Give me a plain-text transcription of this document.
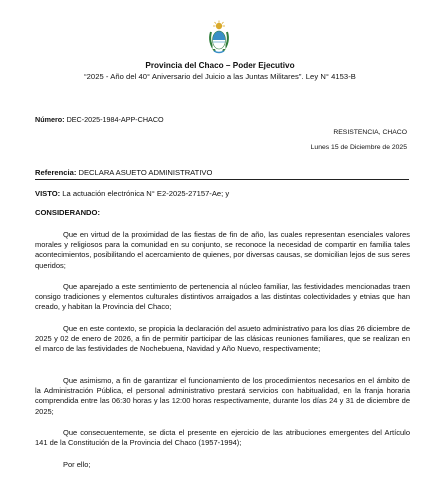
Provincia del Chaco – Poder Ejecutivo
“2025 - Año del 40° Aniversario del Juicio a las Juntas Militares”. Ley N° 4153-B
Número: DEC-2025-1984-APP-CHACO
RESISTENCIA, CHACO
Lunes 15 de Diciembre de 2025
Referencia: DECLARA ASUETO ADMINISTRATIVO
VISTO: La actuación electrónica N° E2-2025-27157-Ae; y
CONSIDERANDO:
Que en virtud de la proximidad de las fiestas de fin de año, las cuales representan esenciales valores morales y religiosos para la comunidad en su conjunto, se reconoce la necesidad de compartir en familia tales acontecimientos, posibilitando el acercamiento de quienes, por diversas causas, se domicilian lejos de sus seres queridos;
Que aparejado a este sentimiento de pertenencia al núcleo familiar, las festividades mencionadas traen consigo tradiciones y elementos culturales distintivos arraigados a las distintas colectividades y etnias que han creado, y habitan la Provincia del Chaco;
Que en este contexto, se propicia la declaración del asueto administrativo para los días 26 diciembre de 2025 y 02 de enero de 2026, a fin de permitir participar de las clásicas reuniones familiares, que se realizan en el marco de las festividades de Nochebuena, Navidad y Año Nuevo, respectivamente;
Que asimismo, a fin de garantizar el funcionamiento de los procedimientos necesarios en el ámbito de la Administración Pública, el personal administrativo prestará servicios con habitualidad, en la franja horaria comprendida entre las 06:30 horas y las 12:00 horas respectivamente, durante los días 24 y 31 de diciembre de 2025;
Que consecuentemente, se dicta el presente en ejercicio de las atribuciones emergentes del Artículo 141 de la Constitución de la Provincia del Chaco (1957-1994);
Por ello;
